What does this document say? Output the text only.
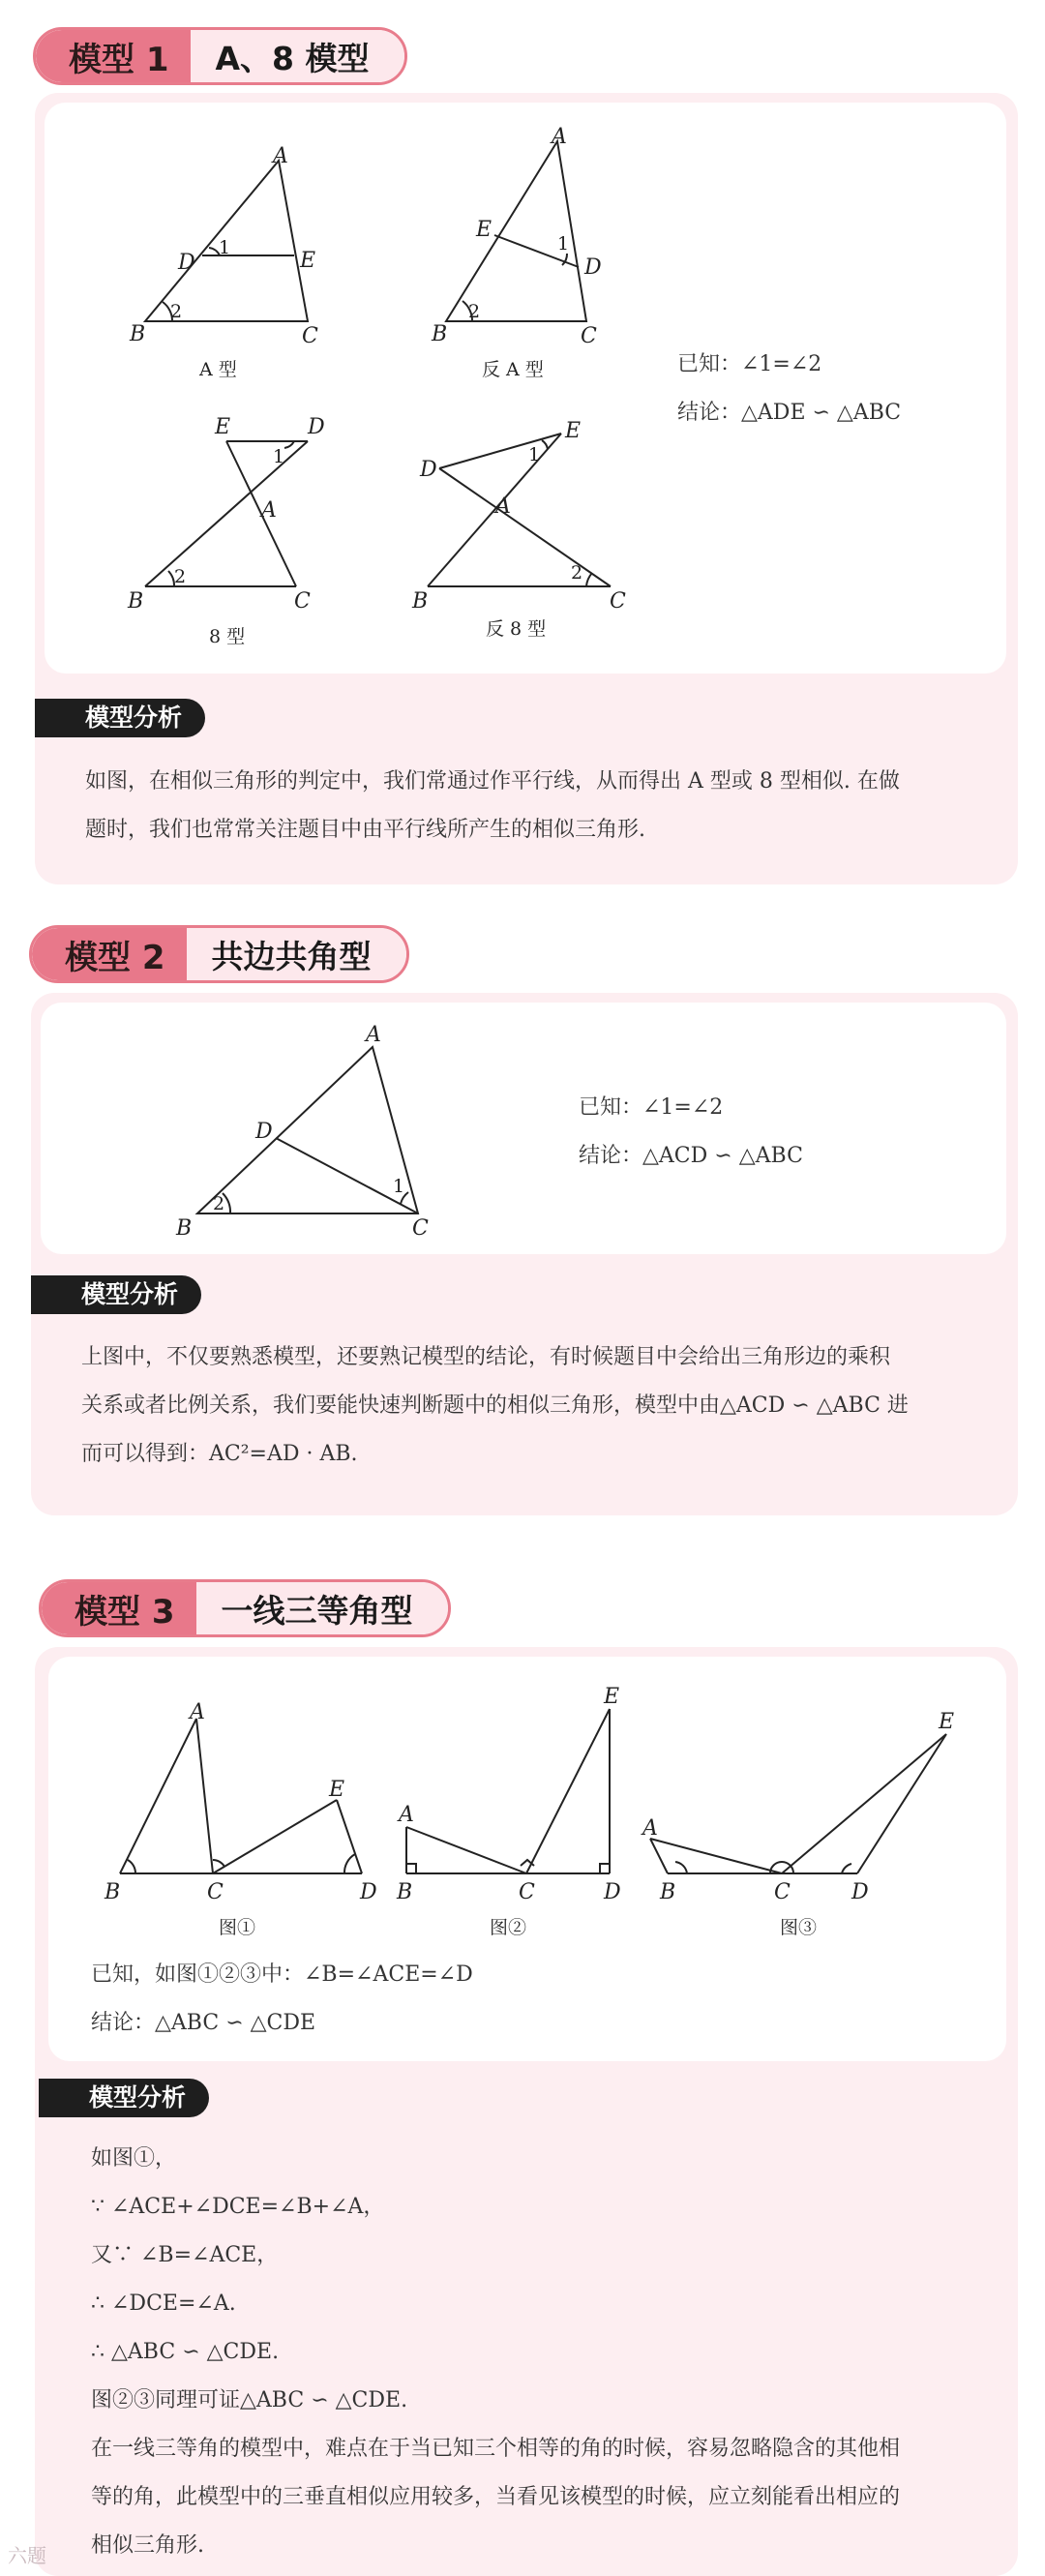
模型 1	A、8 模型
A
D	E
B	C
1
2
A 型
A
E
D
B	C
1
2
反 A 型
E	D
A
B	C
1
2
8 型
D
E
A
B	C
1
2
反 8 型
已知：∠1=∠2
结论：△ADE ∽ △ABC
模型分析

如图，在相似三角形的判定中，我们常通过作平行线，从而得出 A 型或 8 型相似. 在做

题时，我们也常常关注题目中由平行线所产生的相似三角形.

模型 2	共边共角型
A
D
B	C
1
2
已知：∠1=∠2
结论：△ACD ∽ △ABC
模型分析

上图中，不仅要熟悉模型，还要熟记模型的结论，有时候题目中会给出三角形边的乘积

关系或者比例关系，我们要能快速判断题中的相似三角形，模型中由△ACD ∽ △ABC 进

而可以得到：AC²=AD · AB.

模型 3	一线三等角型
A
E
B	C	D
图①
A
E
B	C	D
图②
A
E
B	C	D
图③
已知，如图①②③中：∠B=∠ACE=∠D
结论：△ABC ∽ △CDE
模型分析

如图①，

∵ ∠ACE+∠DCE=∠B+∠A，

又∵ ∠B=∠ACE，

∴ ∠DCE=∠A.

∴ △ABC ∽ △CDE.

图②③同理可证△ABC ∽ △CDE.

在一线三等角的模型中，难点在于当已知三个相等的角的时候，容易忽略隐含的其他相

等的角，此模型中的三垂直相似应用较多，当看见该模型的时候，应立刻能看出相应的

相似三角形.

六题
